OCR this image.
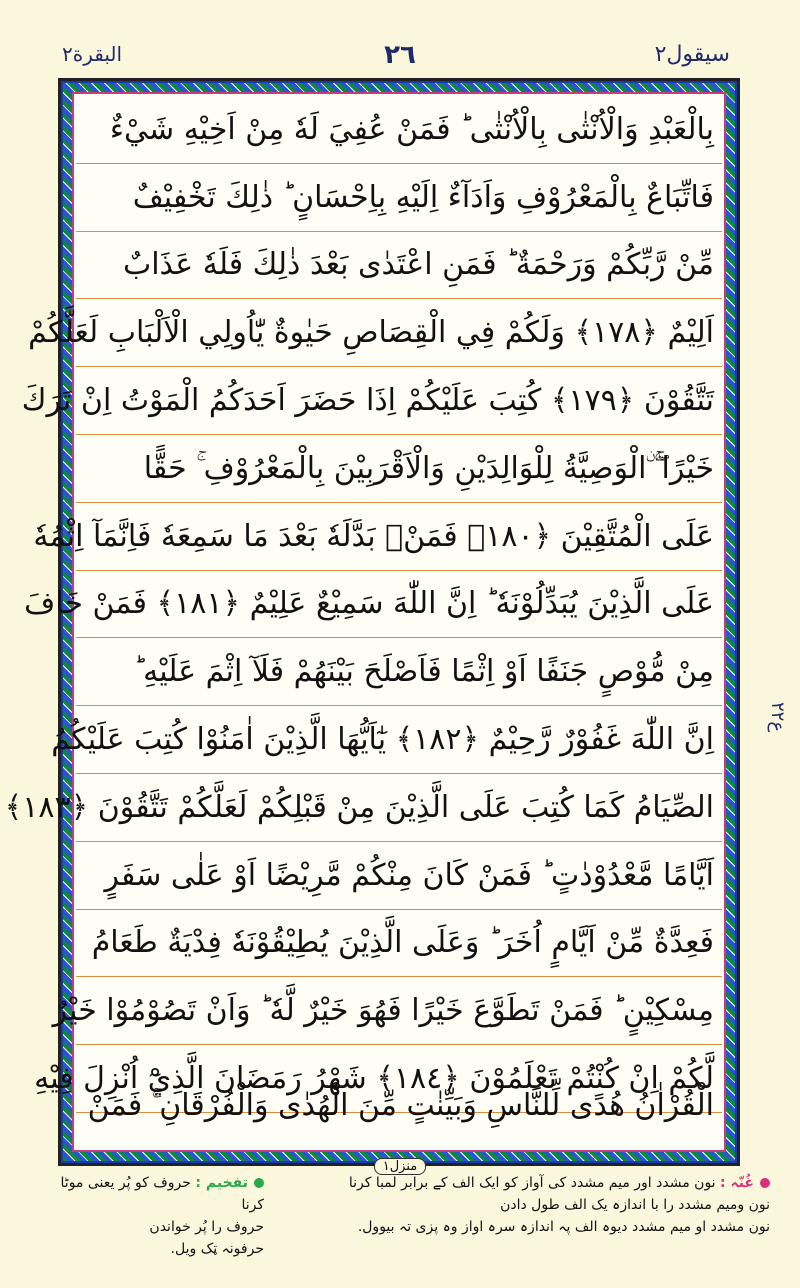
البقرة٢	٢٦	سيقول٢
بِالْعَبْدِ وَالْاُنْثٰى بِالْاُنْثٰى ؕ فَمَنْ عُفِيَ لَهٗ مِنْ اَخِيْهِ شَيْءٌ
فَاتِّبَاعٌ بِالْمَعْرُوْفِ وَاَدَآءٌ اِلَيْهِ بِاِحْسَانٍ ؕ ذٰلِكَ تَخْفِيْفٌ
مِّنْ رَّبِّكُمْ وَرَحْمَةٌ ؕ فَمَنِ اعْتَدٰى بَعْدَ ذٰلِكَ فَلَهٗ عَذَابٌ
اَلِيْمٌ ﴿١٧٨﴾ وَلَكُمْ فِي الْقِصَاصِ حَيٰوةٌ يّٰاُولِي الْاَلْبَابِ لَعَلَّكُمْ
تَتَّقُوْنَ ﴿١٧٩﴾ كُتِبَ عَلَيْكُمْ اِذَا حَضَرَ اَحَدَكُمُ الْمَوْتُ اِنْ تَرَكَ
خَيْرًا ۖۚ ۨالْوَصِيَّةُ لِلْوَالِدَيْنِ وَالْاَقْرَبِيْنَ بِالْمَعْرُوْفِ ۚ حَقًّا
عَلَى الْمُتَّقِيْنَ ﴿١٨٠﴾ فَمَنْۢ بَدَّلَهٗ بَعْدَ مَا سَمِعَهٗ فَاِنَّمَآ اِثْمُهٗ
عَلَى الَّذِيْنَ يُبَدِّلُوْنَهٗ ؕ اِنَّ اللّٰهَ سَمِيْعٌ عَلِيْمٌ ﴿١٨١﴾ فَمَنْ خَافَ
مِنْ مُّوْصٍ جَنَفًا اَوْ اِثْمًا فَاَصْلَحَ بَيْنَهُمْ فَلَآ اِثْمَ عَلَيْهِ ؕ
اِنَّ اللّٰهَ غَفُوْرٌ رَّحِيْمٌ ﴿١٨٢﴾ يٰٓاَيُّهَا الَّذِيْنَ اٰمَنُوْا كُتِبَ عَلَيْكُمُ
الصِّيَامُ كَمَا كُتِبَ عَلَى الَّذِيْنَ مِنْ قَبْلِكُمْ لَعَلَّكُمْ تَتَّقُوْنَ ﴿١٨٣﴾
اَيَّامًا مَّعْدُوْدٰتٍ ؕ فَمَنْ كَانَ مِنْكُمْ مَّرِيْضًا اَوْ عَلٰى سَفَرٍ
فَعِدَّةٌ مِّنْ اَيَّامٍ اُخَرَ ؕ وَعَلَى الَّذِيْنَ يُطِيْقُوْنَهٗ فِدْيَةٌ طَعَامُ
مِسْكِيْنٍ ؕ فَمَنْ تَطَوَّعَ خَيْرًا فَهُوَ خَيْرٌ لَّهٗ ؕ وَاَنْ تَصُوْمُوْا خَيْرٌ
لَّكُمْ اِنْ كُنْتُمْ تَعْلَمُوْنَ ﴿١٨٤﴾ شَهْرُ رَمَضَانَ الَّذِيْٓ اُنْزِلَ فِيْهِ
الْقُرْاٰنُ هُدًى لِّلنَّاسِ وَبَيِّنٰتٍ مِّنَ الْهُدٰى وَالْفُرْقَانِ ۚ فَمَنْ
ع٢٢
منزل١
غُنّہ : نون مشدد اور میم مشدد کی آواز کو ایک الف کے برابر لمبا کرنا
نون ومیم مشدد را با اندازہ یک الف طول دادن
نون مشدد او میم مشدد دیوہ الف پہ اندازہ سرہ اواز وہ پزی تہ بیوول.
تفخیم : حروف کو پُر یعنی موٹا کرنا
حروف را پُر خواندن
حرفونہ ټک ویل.
